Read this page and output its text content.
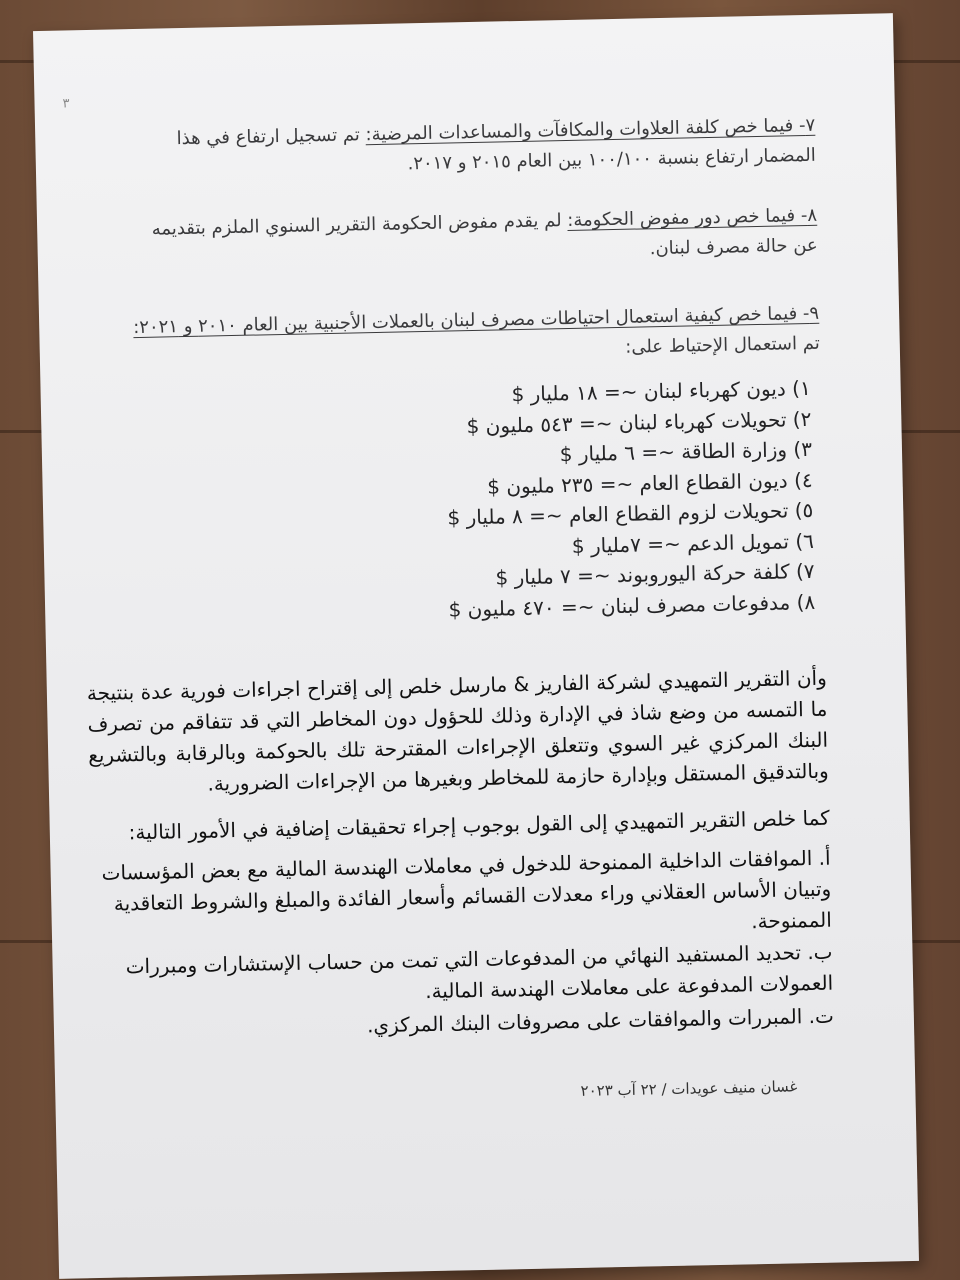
٣
٧- فيما خص كلفة العلاوات والمكافآت والمساعدات المرضية: تم تسجيل ارتفاع في هذا المضمار ارتفاع بنسبة ١٠٠/١٠٠ بين العام ٢٠١٥ و ٢٠١٧.
٨- فيما خص دور مفوض الحكومة: لم يقدم مفوض الحكومة التقرير السنوي الملزم بتقديمه عن حالة مصرف لبنان.
٩- فيما خص كيفية استعمال احتياطات مصرف لبنان بالعملات الأجنبية بين العام ٢٠١٠ و ٢٠٢١: تم استعمال الإحتياط على:
١) ديون كهرباء لبنان ~= ١٨ مليار $
٢) تحويلات كهرباء لبنان ~= ٥٤٣ مليون $
٣) وزارة الطاقة ~= ٦ مليار $
٤) ديون القطاع العام ~= ٢٣٥ مليون $
٥) تحويلات لزوم القطاع العام ~= ٨ مليار $
٦) تمويل الدعم ~= ٧مليار $
٧) كلفة حركة اليوروبوند ~= ٧ مليار $
٨) مدفوعات مصرف لبنان ~= ٤٧٠ مليون $
وأن التقرير التمهيدي لشركة الفاريز & مارسل خلص إلى إقتراح اجراءات فورية عدة بنتيجة ما التمسه من وضع شاذ في الإدارة وذلك للحؤول دون المخاطر التي قد تتفاقم من تصرف البنك المركزي غير السوي وتتعلق الإجراءات المقترحة تلك بالحوكمة وبالرقابة وبالتشريع وبالتدقيق المستقل وبإدارة حازمة للمخاطر وبغيرها من الإجراءات الضرورية.
كما خلص التقرير التمهيدي إلى القول بوجوب إجراء تحقيقات إضافية في الأمور التالية:
أ. الموافقات الداخلية الممنوحة للدخول في معاملات الهندسة المالية مع بعض المؤسسات وتبيان الأساس العقلاني وراء معدلات القسائم وأسعار الفائدة والمبلغ والشروط التعاقدية الممنوحة.
ب. تحديد المستفيد النهائي من المدفوعات التي تمت من حساب الإستشارات ومبررات العمولات المدفوعة على معاملات الهندسة المالية.
ت. المبررات والموافقات على مصروفات البنك المركزي.
غسان منيف عويدات / ٢٢ آب ٢٠٢٣
